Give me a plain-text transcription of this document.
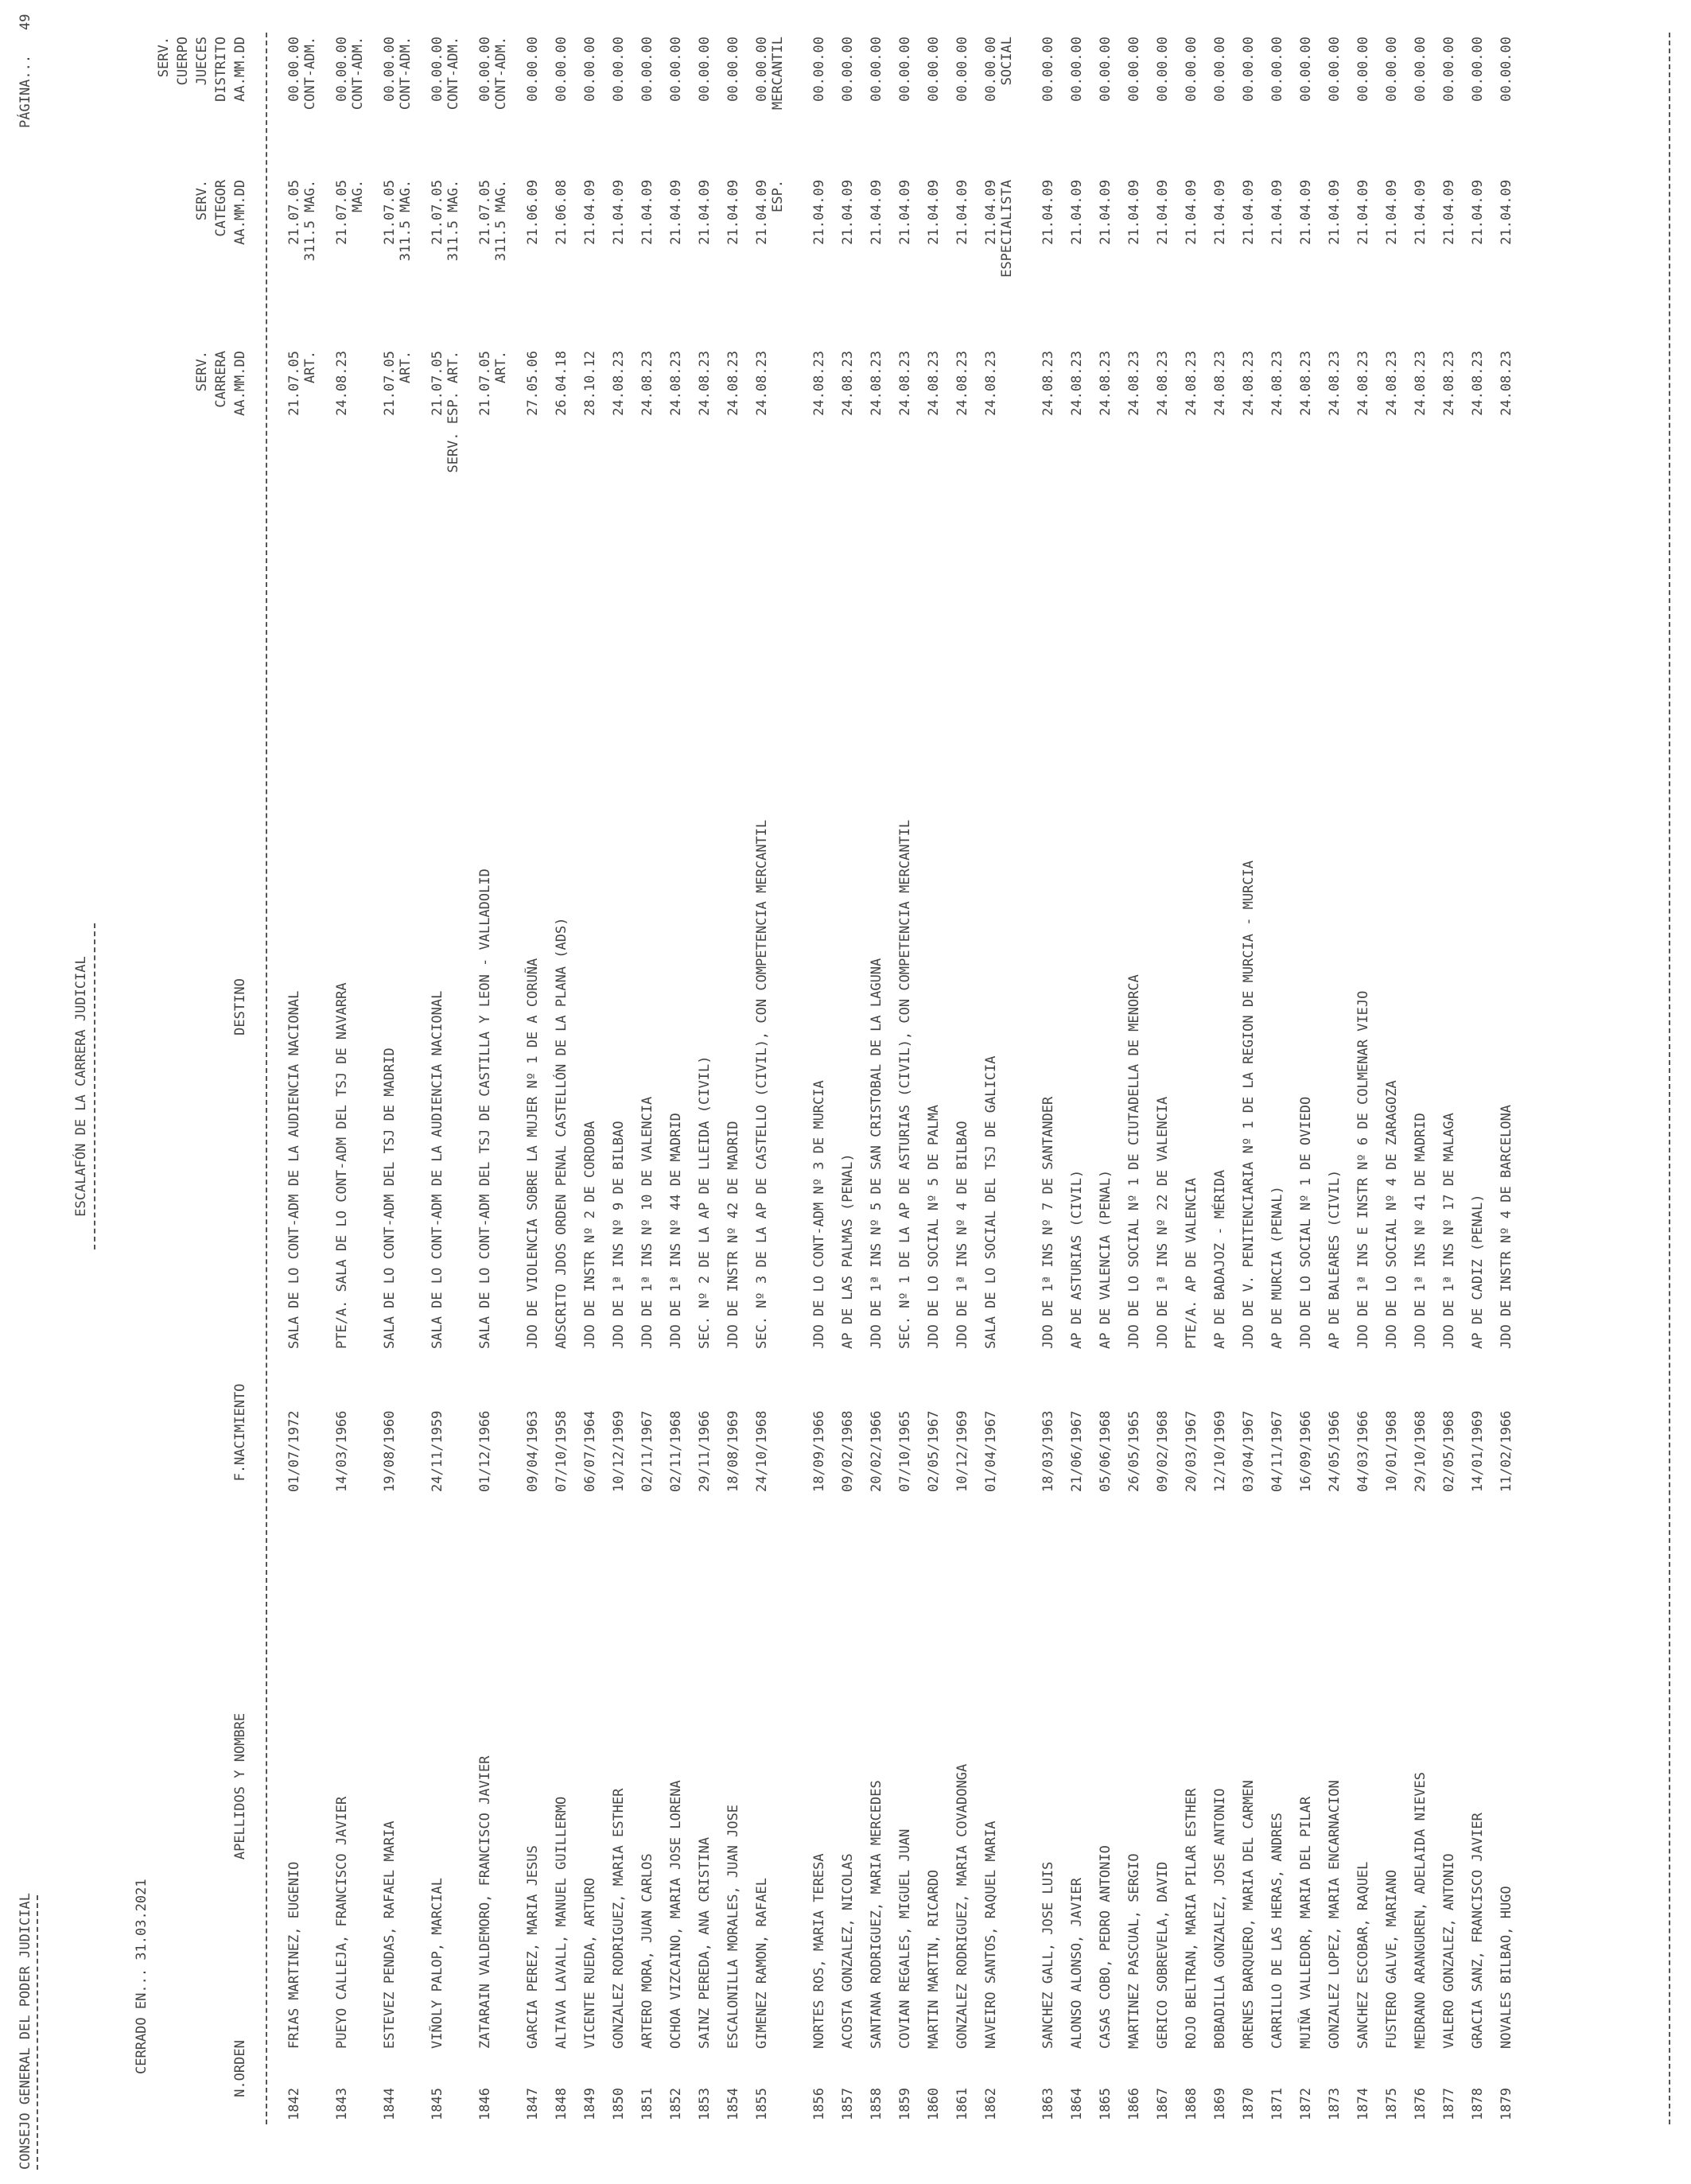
CONSEJO GENERAL DEL PODER JUDICIAL
ESCALAFÓN DE LA CARRERA JUDICIAL
PÁGINA...
49
CERRADO EN... 31.03.2021	N.ORDEN
APELLIDOS Y NOMBRE
F.NACIMIENTO
DESTINO
SERV. CARRERA AA.MM.DD
SERV. CATEGOR AA.MM.DD
SERV. CUERPO JUECES DISTRITO AA.MM.DD
1842
FRIAS MARTINEZ, EUGENIO
01/07/1972
SALA DE LO CONT-ADM DE LA AUDIENCIA NACIONAL
21.07.05
21.07.05
00.00.00
ART.
311.5 MAG.
CONT-ADM.
1843
PUEYO CALLEJA, FRANCISCO JAVIER
14/03/1966
PTE/A. SALA DE LO CONT-ADM DEL TSJ DE NAVARRA
24.08.23
21.07.05
00.00.00
MAG.
CONT-ADM.
1844
ESTEVEZ PENDAS, RAFAEL MARIA
19/08/1960
SALA DE LO CONT-ADM DEL TSJ DE MADRID
21.07.05
21.07.05
00.00.00
ART.
311.5 MAG.
CONT-ADM.
1845
VIÑOLY PALOP, MARCIAL
24/11/1959
SALA DE LO CONT-ADM DE LA AUDIENCIA NACIONAL
21.07.05
21.07.05
00.00.00
SERV. ESP. ART.
311.5 MAG.
CONT-ADM.
1846
ZATARAIN VALDEMORO, FRANCISCO JAVIER
01/12/1966
SALA DE LO CONT-ADM DEL TSJ DE CASTILLA Y LEON - VALLADOLID
21.07.05
21.07.05
00.00.00
ART.
311.5 MAG.
CONT-ADM.
1847
GARCIA PEREZ, MARIA JESUS
09/04/1963
JDO DE VIOLENCIA SOBRE LA MUJER Nº 1 DE A CORUÑA
27.05.06
21.06.09
00.00.00
1848
ALTAVA LAVALL, MANUEL GUILLERMO
07/10/1958
ADSCRITO JDOS ORDEN PENAL CASTELLÓN DE LA PLANA (ADS)
26.04.18
21.06.08
00.00.00
1849
VICENTE RUEDA, ARTURO
06/07/1964
JDO DE INSTR Nº 2 DE CORDOBA
28.10.12
21.04.09
00.00.00
1850
GONZALEZ RODRIGUEZ, MARIA ESTHER
10/12/1969
JDO DE 1ª INS Nº 9 DE BILBAO
24.08.23
21.04.09
00.00.00
1851
ARTERO MORA, JUAN CARLOS
02/11/1967
JDO DE 1ª INS Nº 10 DE VALENCIA
24.08.23
21.04.09
00.00.00
1852
OCHOA VIZCAINO, MARIA JOSE LORENA
02/11/1968
JDO DE 1ª INS Nº 44 DE MADRID
24.08.23
21.04.09
00.00.00
1853
SAINZ PEREDA, ANA CRISTINA
29/11/1966
SEC. Nº 2 DE LA AP DE LLEIDA (CIVIL)
24.08.23
21.04.09
00.00.00
1854
ESCALONILLA MORALES, JUAN JOSE
18/08/1969
JDO DE INSTR Nº 42 DE MADRID
24.08.23
21.04.09
00.00.00
1855
GIMENEZ RAMON, RAFAEL
24/10/1968
SEC. Nº 3 DE LA AP DE CASTELLO (CIVIL), CON COMPETENCIA MERCANTIL
24.08.23
21.04.09
00.00.00
ESP.
MERCANTIL
1856
NORTES ROS, MARIA TERESA
18/09/1966
JDO DE LO CONT-ADM Nº 3 DE MURCIA
24.08.23
21.04.09
00.00.00
1857
ACOSTA GONZALEZ, NICOLAS
09/02/1968
AP DE LAS PALMAS (PENAL)
24.08.23
21.04.09
00.00.00
1858
SANTANA RODRIGUEZ, MARIA MERCEDES
20/02/1966
JDO DE 1ª INS Nº 5 DE SAN CRISTOBAL DE LA LAGUNA
24.08.23
21.04.09
00.00.00
1859
COVIAN REGALES, MIGUEL JUAN
07/10/1965
SEC. Nº 1 DE LA AP DE ASTURIAS (CIVIL), CON COMPETENCIA MERCANTIL
24.08.23
21.04.09
00.00.00
1860
MARTIN MARTIN, RICARDO
02/05/1967
JDO DE LO SOCIAL Nº 5 DE PALMA
24.08.23
21.04.09
00.00.00
1861
GONZALEZ RODRIGUEZ, MARIA COVADONGA
10/12/1969
JDO DE 1ª INS Nº 4 DE BILBAO
24.08.23
21.04.09
00.00.00
1862
NAVEIRO SANTOS, RAQUEL MARIA
01/04/1967
SALA DE LO SOCIAL DEL TSJ DE GALICIA
24.08.23
21.04.09
00.00.00
ESPECIALISTA
SOCIAL
1863
SANCHEZ GALL, JOSE LUIS
18/03/1963
JDO DE 1ª INS Nº 7 DE SANTANDER
24.08.23
21.04.09
00.00.00
1864
ALONSO ALONSO, JAVIER
21/06/1967
AP DE ASTURIAS (CIVIL)
24.08.23
21.04.09
00.00.00
1865
CASAS COBO, PEDRO ANTONIO
05/06/1968
AP DE VALENCIA (PENAL)
24.08.23
21.04.09
00.00.00
1866
MARTINEZ PASCUAL, SERGIO
26/05/1965
JDO DE LO SOCIAL Nº 1 DE CIUTADELLA DE MENORCA
24.08.23
21.04.09
00.00.00
1867
GERICO SOBREVELA, DAVID
09/02/1968
JDO DE 1ª INS Nº 22 DE VALENCIA
24.08.23
21.04.09
00.00.00
1868
ROJO BELTRAN, MARIA PILAR ESTHER
20/03/1967
PTE/A. AP DE VALENCIA
24.08.23
21.04.09
00.00.00
1869
BOBADILLA GONZALEZ, JOSE ANTONIO
12/10/1969
AP DE BADAJOZ - MÉRIDA
24.08.23
21.04.09
00.00.00
1870
ORENES BARQUERO, MARIA DEL CARMEN
03/04/1967
JDO DE V. PENITENCIARIA Nº 1 DE LA REGION DE MURCIA - MURCIA
24.08.23
21.04.09
00.00.00
1871
CARRILLO DE LAS HERAS, ANDRES
04/11/1967
AP DE MURCIA (PENAL)
24.08.23
21.04.09
00.00.00
1872
MUIÑA VALLEDOR, MARIA DEL PILAR
16/09/1966
JDO DE LO SOCIAL Nº 1 DE OVIEDO
24.08.23
21.04.09
00.00.00
1873
GONZALEZ LOPEZ, MARIA ENCARNACION
24/05/1966
AP DE BALEARES (CIVIL)
24.08.23
21.04.09
00.00.00
1874
SANCHEZ ESCOBAR, RAQUEL
04/03/1966
JDO DE 1ª INS E INSTR Nº 6 DE COLMENAR VIEJO
24.08.23
21.04.09
00.00.00
1875
FUSTERO GALVE, MARIANO
10/01/1968
JDO DE LO SOCIAL Nº 4 DE ZARAGOZA
24.08.23
21.04.09
00.00.00
1876
MEDRANO ARANGUREN, ADELAIDA NIEVES
29/10/1968
JDO DE 1ª INS Nº 41 DE MADRID
24.08.23
21.04.09
00.00.00
1877
VALERO GONZALEZ, ANTONIO
02/05/1968
JDO DE 1ª INS Nº 17 DE MALAGA
24.08.23
21.04.09
00.00.00
1878
GRACIA SANZ, FRANCISCO JAVIER
14/01/1969
AP DE CADIZ (PENAL)
24.08.23
21.04.09
00.00.00
1879
NOVALES BILBAO, HUGO
11/02/1966
JDO DE INSTR Nº 4 DE BARCELONA
24.08.23
21.04.09
00.00.00
